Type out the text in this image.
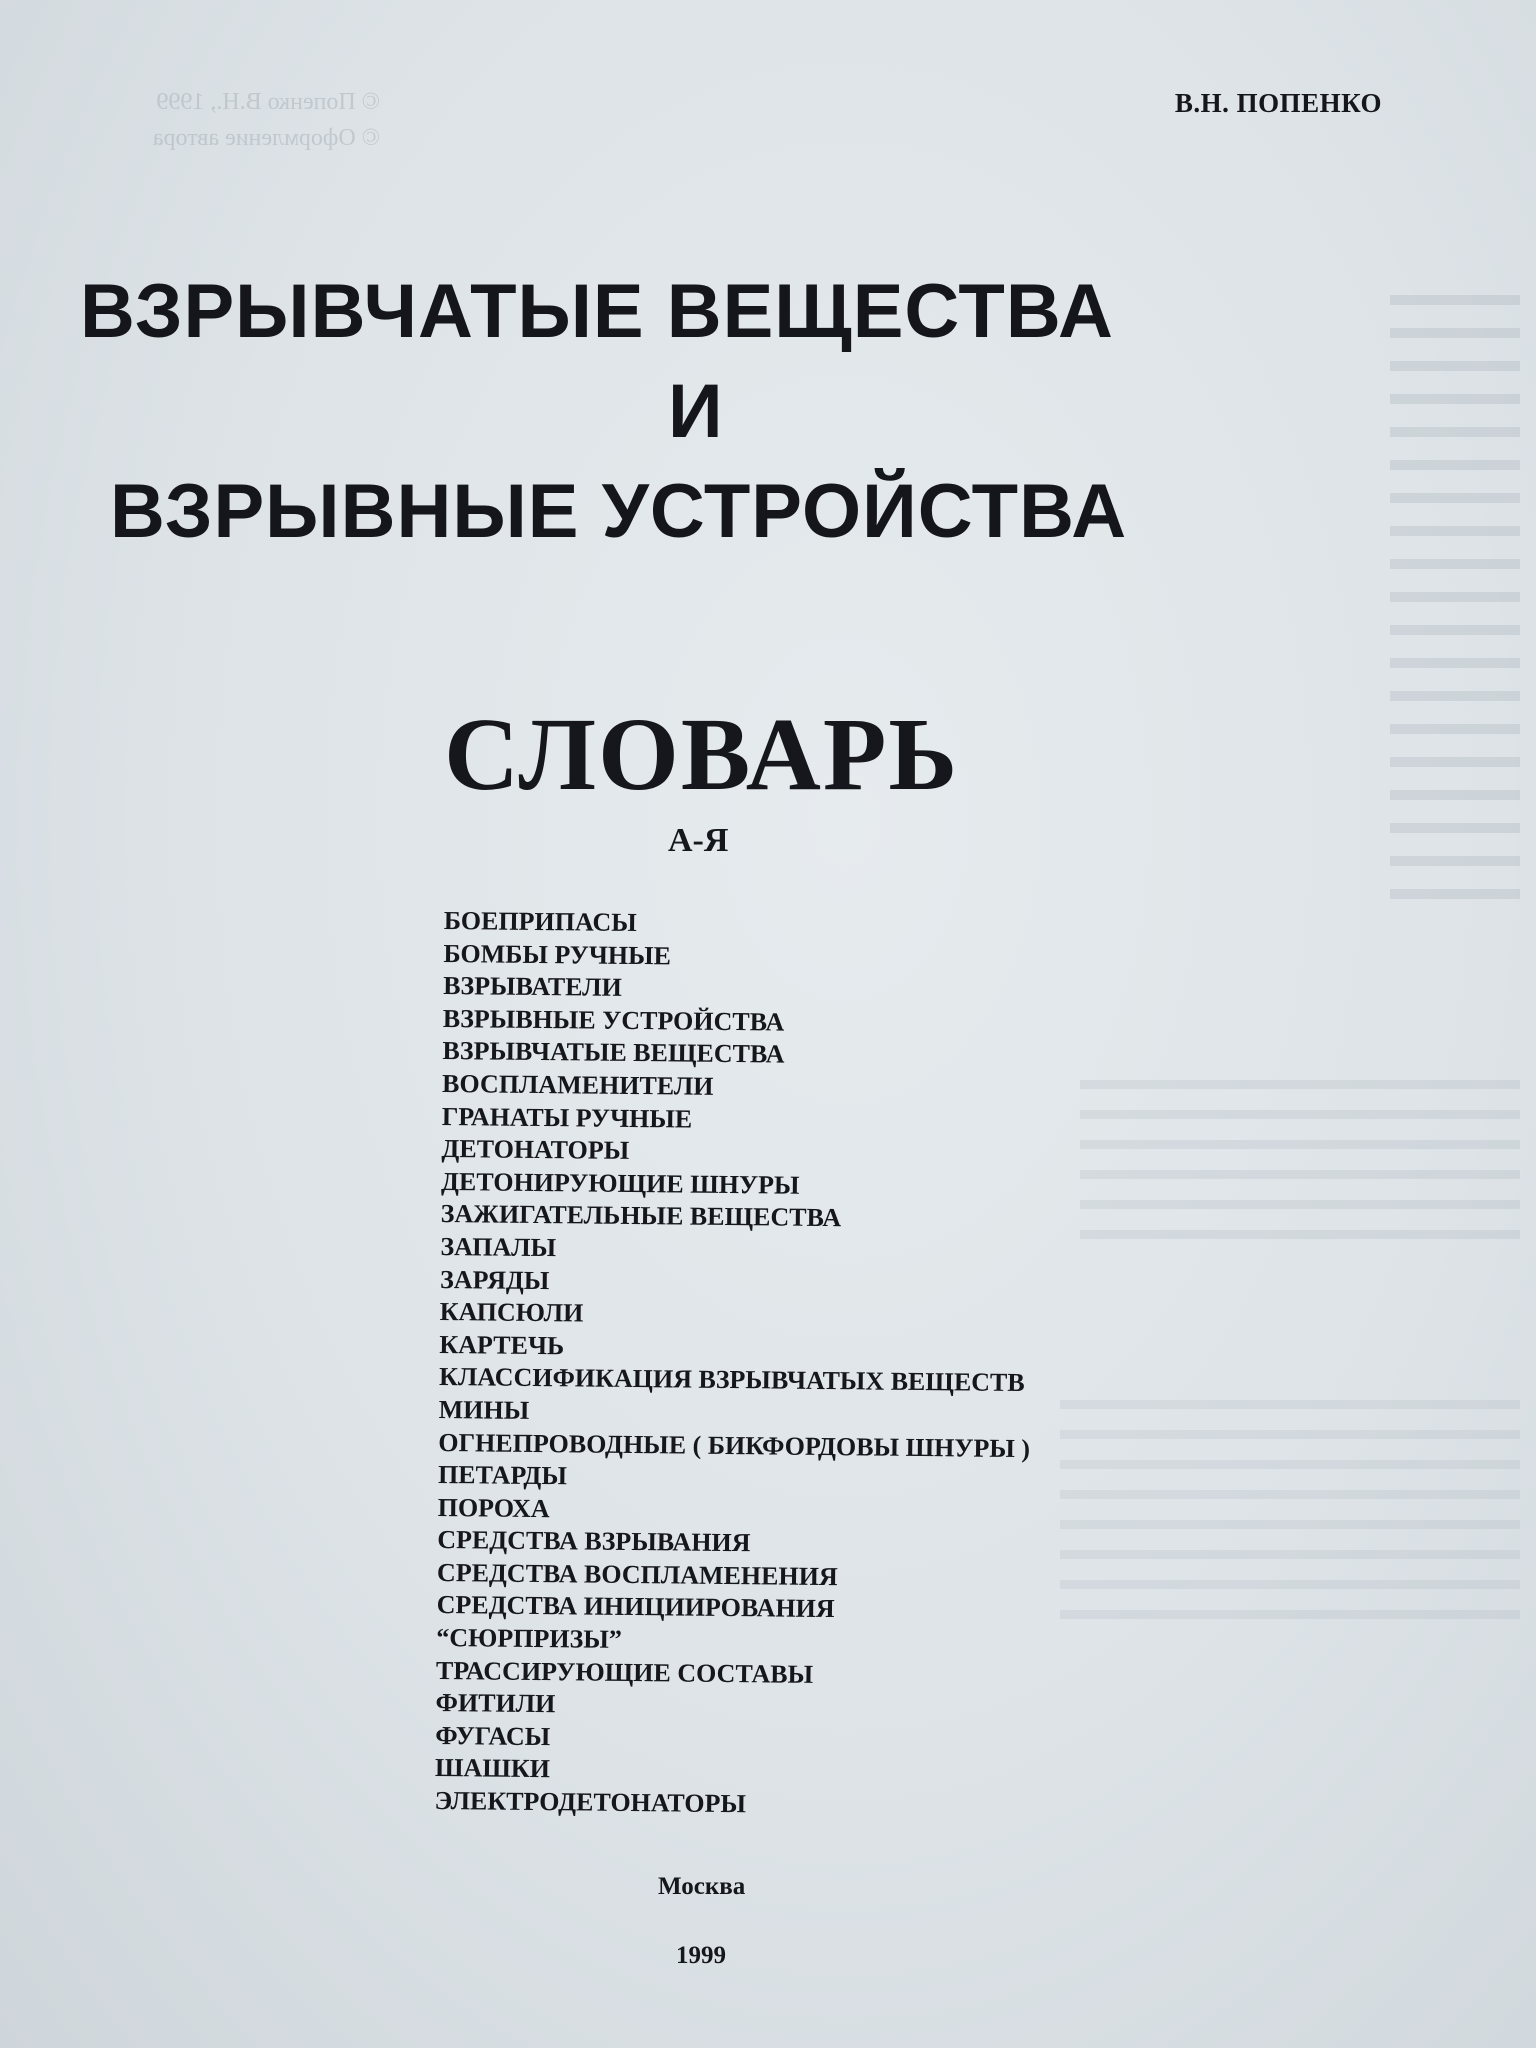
© Попенко В.Н., 1999
© Оформление автора
В.Н. ПОПЕНКО
ВЗРЫВЧАТЫЕ ВЕЩЕСТВА
И
ВЗРЫВНЫЕ УСТРОЙСТВА
СЛОВАРЬ
А-Я
БОЕПРИПАСЫ
БОМБЫ РУЧНЫЕ
ВЗРЫВАТЕЛИ
ВЗРЫВНЫЕ УСТРОЙСТВА
ВЗРЫВЧАТЫЕ ВЕЩЕСТВА
ВОСПЛАМЕНИТЕЛИ
ГРАНАТЫ РУЧНЫЕ
ДЕТОНАТОРЫ
ДЕТОНИРУЮЩИЕ ШНУРЫ
ЗАЖИГАТЕЛЬНЫЕ ВЕЩЕСТВА
ЗАПАЛЫ
ЗАРЯДЫ
КАПСЮЛИ
КАРТЕЧЬ
КЛАССИФИКАЦИЯ ВЗРЫВЧАТЫХ ВЕЩЕСТВ
МИНЫ
ОГНЕПРОВОДНЫЕ ( БИКФОРДОВЫ ШНУРЫ )
ПЕТАРДЫ
ПОРОХА
СРЕДСТВА ВЗРЫВАНИЯ
СРЕДСТВА ВОСПЛАМЕНЕНИЯ
СРЕДСТВА ИНИЦИИРОВАНИЯ
“СЮРПРИЗЫ”
ТРАССИРУЮЩИЕ СОСТАВЫ
ФИТИЛИ
ФУГАСЫ
ШАШКИ
ЭЛЕКТРОДЕТОНАТОРЫ
Москва
1999
